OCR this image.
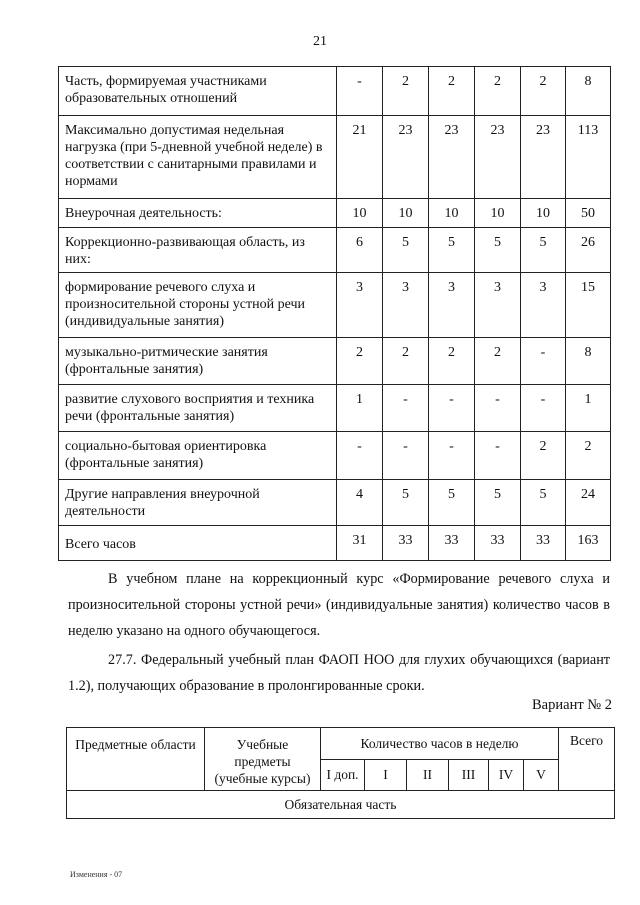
21
Часть, формируемая участниками образовательных отношений	-	2	2	2	2	8
Максимально допустимая недельная нагрузка (при 5-дневной учебной неделе) в соответствии с санитарными правилами и нормами	21	23	23	23	23	113
Внеурочная деятельность:	10	10	10	10	10	50
Коррекционно-развивающая область, из них:	6	5	5	5	5	26
формирование речевого слуха и произносительной стороны устной речи (индивидуальные занятия)	3	3	3	3	3	15
музыкально-ритмические занятия (фронтальные занятия)	2	2	2	2	-	8
развитие слухового восприятия и техника речи (фронтальные занятия)	1	-	-	-	-	1
социально-бытовая ориентировка (фронтальные занятия)	-	-	-	-	2	2
Другие направления внеурочной деятельности	4	5	5	5	5	24
Всего часов	31	33	33	33	33	163
В учебном плане на коррекционный курс «Формирование речевого слуха и произносительной стороны устной речи» (индивидуальные занятия) количество часов в неделю указано на одного обучающегося.
27.7. Федеральный учебный план ФАОП НОО для глухих обучающихся (вариант 1.2), получающих образование в пролонгированные сроки.
Вариант № 2
Предметные области	Учебные предметы (учебные курсы)	Количество часов в неделю						Всего
		I доп.	I	II	III	IV	V	
Обязательная часть								
Изменения - 07
